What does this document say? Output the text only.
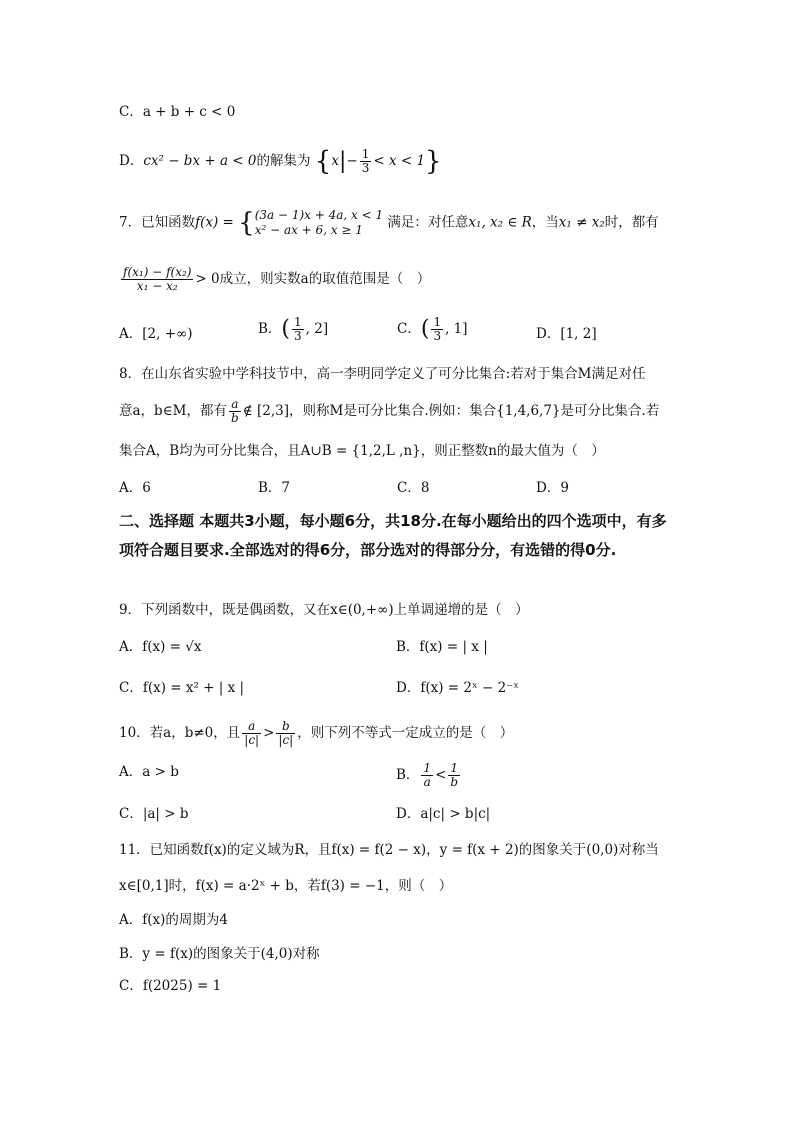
C．a + b + c < 0
D．cx² − bx + a < 0的解集为 $\{x|- \frac{1}{3} < x < 1\}$
7．已知函数f(x) = { (3a − 1)x + 4a, x < 1
x² − ax + 6, x ≥ 1	满足：对任意x₁, x₂ ∈ R，当x₁ ≠ x₂时，都有
$\frac{\text{f(x₁) − f(x₂)}}{\text{x₁ − x₂}} > 0$成立，则实数a的取值范围是（　）
A．[2, +∞)	B．( $\frac{1}{3}$ , 2]	C．( $\frac{1}{3}$ , 1]	D．[1, 2]
8．在山东省实验中学科技节中，高一李明同学定义了可分比集合:若对于集合M满足对任
意a，b∈M，都有 $\frac{a}{b}$ ∉ [2,3]，则称M是可分比集合.例如：集合{1,4,6,7}是可分比集合.若
集合A，B均为可分比集合，且A∪B = {1,2,L ,n}，则正整数n的最大值为（　）
A．6	B．7	C．8	D．9
二、选择题 本题共3小题，每小题6分，共18分.在每小题给出的四个选项中，有多项符合题目要求.全部选对的得6分，部分选对的得部分分，有选错的得0分.
9．下列函数中，既是偶函数，又在x∈(0,+∞)上单调递增的是（　）
A．f(x) = √x	B．f(x) = | x |
C．f(x) = x² + | x |	D．f(x) = 2ˣ − 2⁻ˣ
10．若a，b≠0，且 $\frac{a}{|c|} > \frac{b}{|c|}$ ，则下列不等式一定成立的是（　）
A．a > b	B． $\frac{1}{a} < \frac{1}{b}$
C．|a| > b	D．a|c| > b|c|
11．已知函数f(x)的定义域为R，且f(x) = f(2 − x)，y = f(x + 2)的图象关于(0,0)对称当
x∈[0,1]时，f(x) = a·2ˣ + b，若f(3) = −1，则（　）
A．f(x)的周期为4
B．y = f(x)的图象关于(4,0)对称
C．f(2025) = 1
